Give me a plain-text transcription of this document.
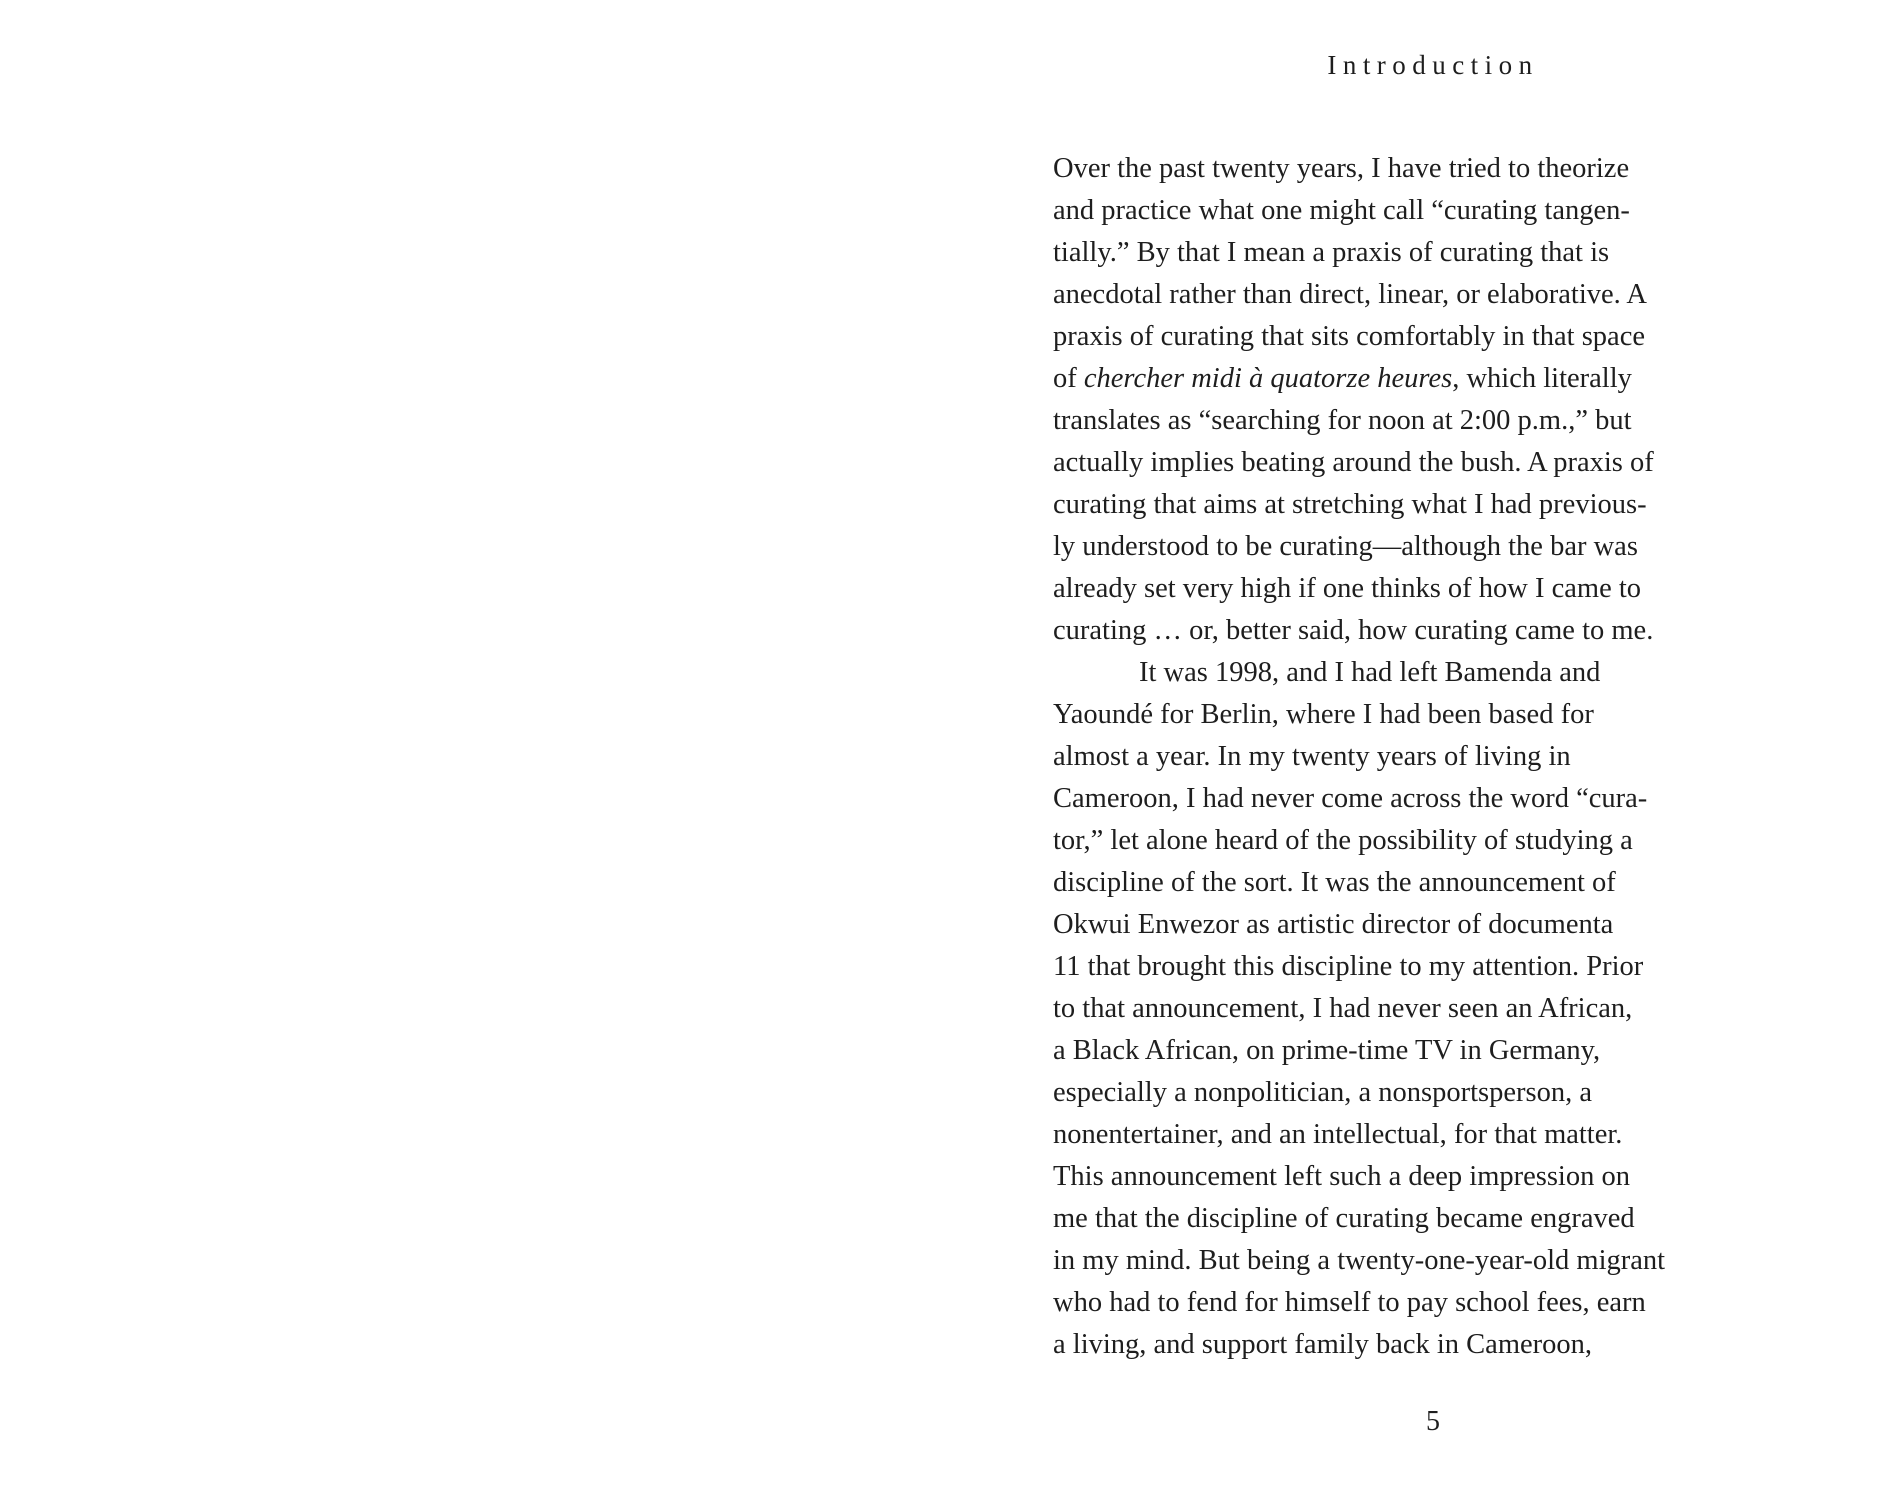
Introduction
Over the past twenty years, I have tried to theorize
and practice what one might call “curating tangen-
tially.” By that I mean a praxis of curating that is
anecdotal rather than direct, linear, or elaborative. A
praxis of curating that sits comfortably in that space
of chercher midi à quatorze heures, which literally
translates as “searching for noon at 2:00 p.m.,” but
actually implies beating around the bush. A praxis of
curating that aims at stretching what I had previous-
ly understood to be curating—although the bar was
already set very high if one thinks of how I came to
curating … or, better said, how curating came to me.
It was 1998, and I had left Bamenda and
Yaoundé for Berlin, where I had been based for
almost a year. In my twenty years of living in
Cameroon, I had never come across the word “cura-
tor,” let alone heard of the possibility of studying a
discipline of the sort. It was the announcement of
Okwui Enwezor as artistic director of documenta
11 that brought this discipline to my attention. Prior
to that announcement, I had never seen an African,
a Black African, on prime-time TV in Germany,
especially a nonpolitician, a nonsportsperson, a
nonentertainer, and an intellectual, for that matter.
This announcement left such a deep impression on
me that the discipline of curating became engraved
in my mind. But being a twenty-one-year-old migrant
who had to fend for himself to pay school fees, earn
a living, and support family back in Cameroon,
5
